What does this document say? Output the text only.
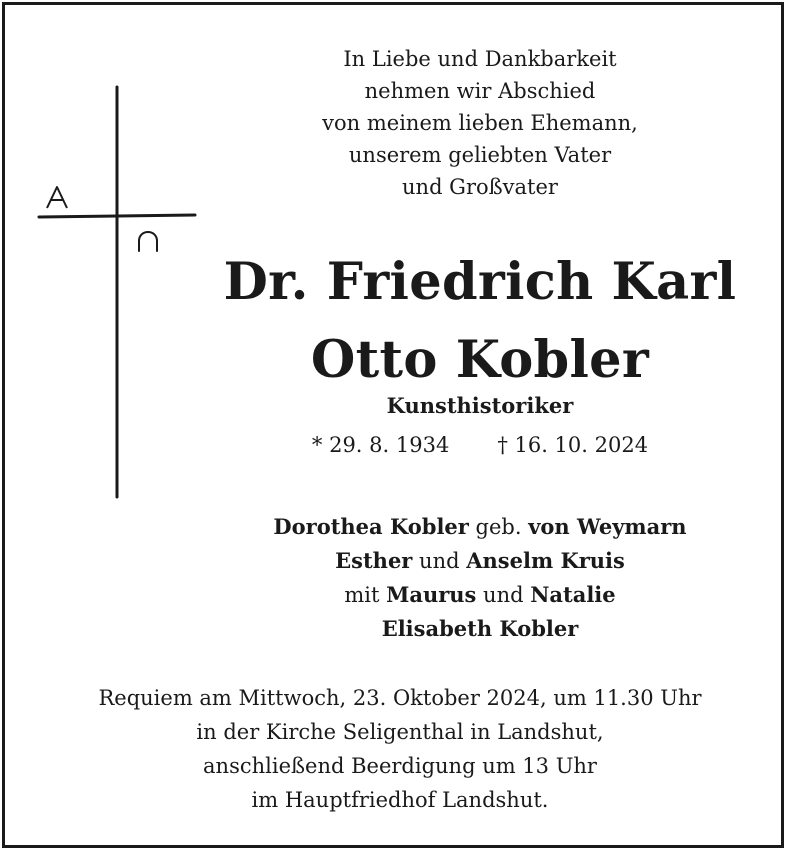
In Liebe und Dankbarkeit
nehmen wir Abschied
von meinem lieben Ehemann,
unserem geliebten Vater
und Großvater
Dr. Friedrich Karl
Otto Kobler
Kunsthistoriker
* 29. 8. 1934 † 16. 10. 2024
Dorothea Kobler geb. von Weymarn
Esther und Anselm Kruis
mit Maurus und Natalie
Elisabeth Kobler
Requiem am Mittwoch, 23. Oktober 2024, um 11.30 Uhr
in der Kirche Seligenthal in Landshut,
anschließend Beerdigung um 13 Uhr
im Hauptfriedhof Landshut.
